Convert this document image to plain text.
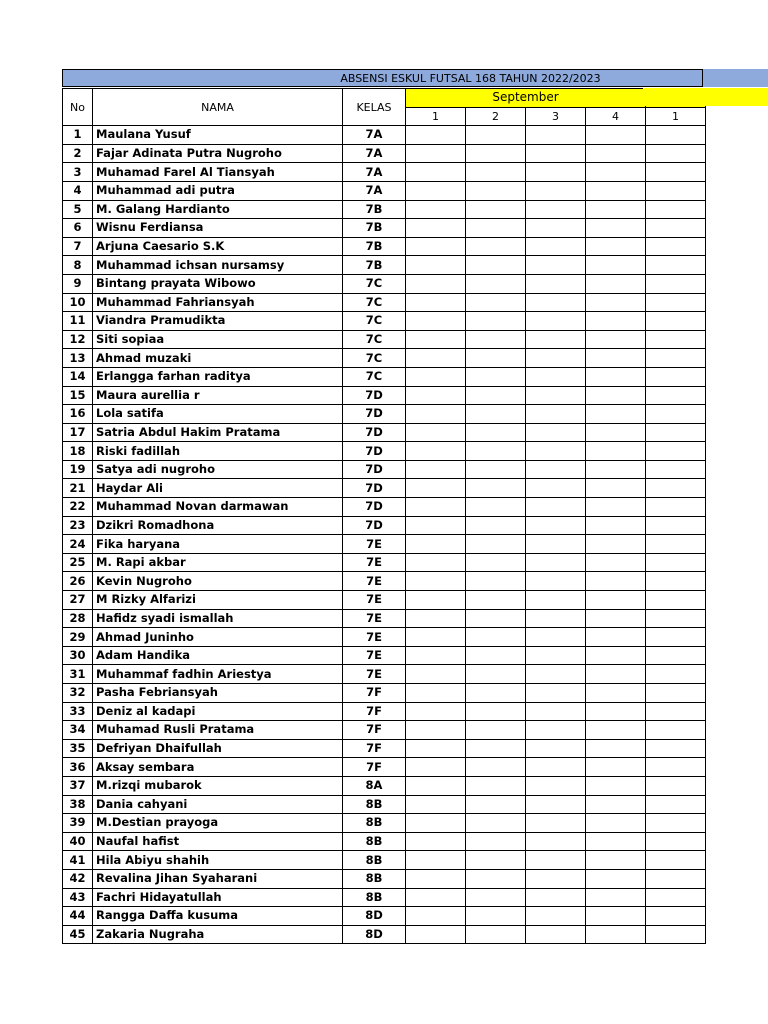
ABSENSI ESKUL FUTSAL 168 TAHUN 2022/2023
No	NAMA	KELAS	September				
			1	2	3	4	1
1	Maulana Yusuf	7A					
2	Fajar Adinata Putra Nugroho	7A					
3	Muhamad Farel Al Tiansyah	7A					
4	Muhammad adi putra	7A					
5	M. Galang Hardianto	7B					
6	Wisnu Ferdiansa	7B					
7	Arjuna Caesario S.K	7B					
8	Muhammad ichsan nursamsy	7B					
9	Bintang prayata Wibowo	7C					
10	Muhammad Fahriansyah	7C					
11	Viandra Pramudikta	7C					
12	Siti sopiaa	7C					
13	Ahmad muzaki	7C					
14	Erlangga farhan raditya	7C					
15	Maura aurellia r	7D					
16	Lola satifa	7D					
17	Satria Abdul Hakim Pratama	7D					
18	Riski fadillah	7D					
19	Satya adi nugroho	7D					
21	Haydar Ali	7D					
22	Muhammad Novan darmawan	7D					
23	Dzikri Romadhona	7D					
24	Fika haryana	7E					
25	M. Rapi akbar	7E					
26	Kevin Nugroho	7E					
27	M Rizky Alfarizi	7E					
28	Hafidz syadi ismallah	7E					
29	Ahmad Juninho	7E					
30	Adam Handika	7E					
31	Muhammaf fadhin Ariestya	7E					
32	Pasha Febriansyah	7F					
33	Deniz al kadapi	7F					
34	Muhamad Rusli Pratama	7F					
35	Defriyan Dhaifullah	7F					
36	Aksay sembara	7F					
37	M.rizqi mubarok	8A					
38	Dania cahyani	8B					
39	M.Destian prayoga	8B					
40	Naufal hafist	8B					
41	Hila Abiyu shahih	8B					
42	Revalina Jihan Syaharani	8B					
43	Fachri Hidayatullah	8B					
44	Rangga Daffa kusuma	8D					
45	Zakaria Nugraha	8D					
